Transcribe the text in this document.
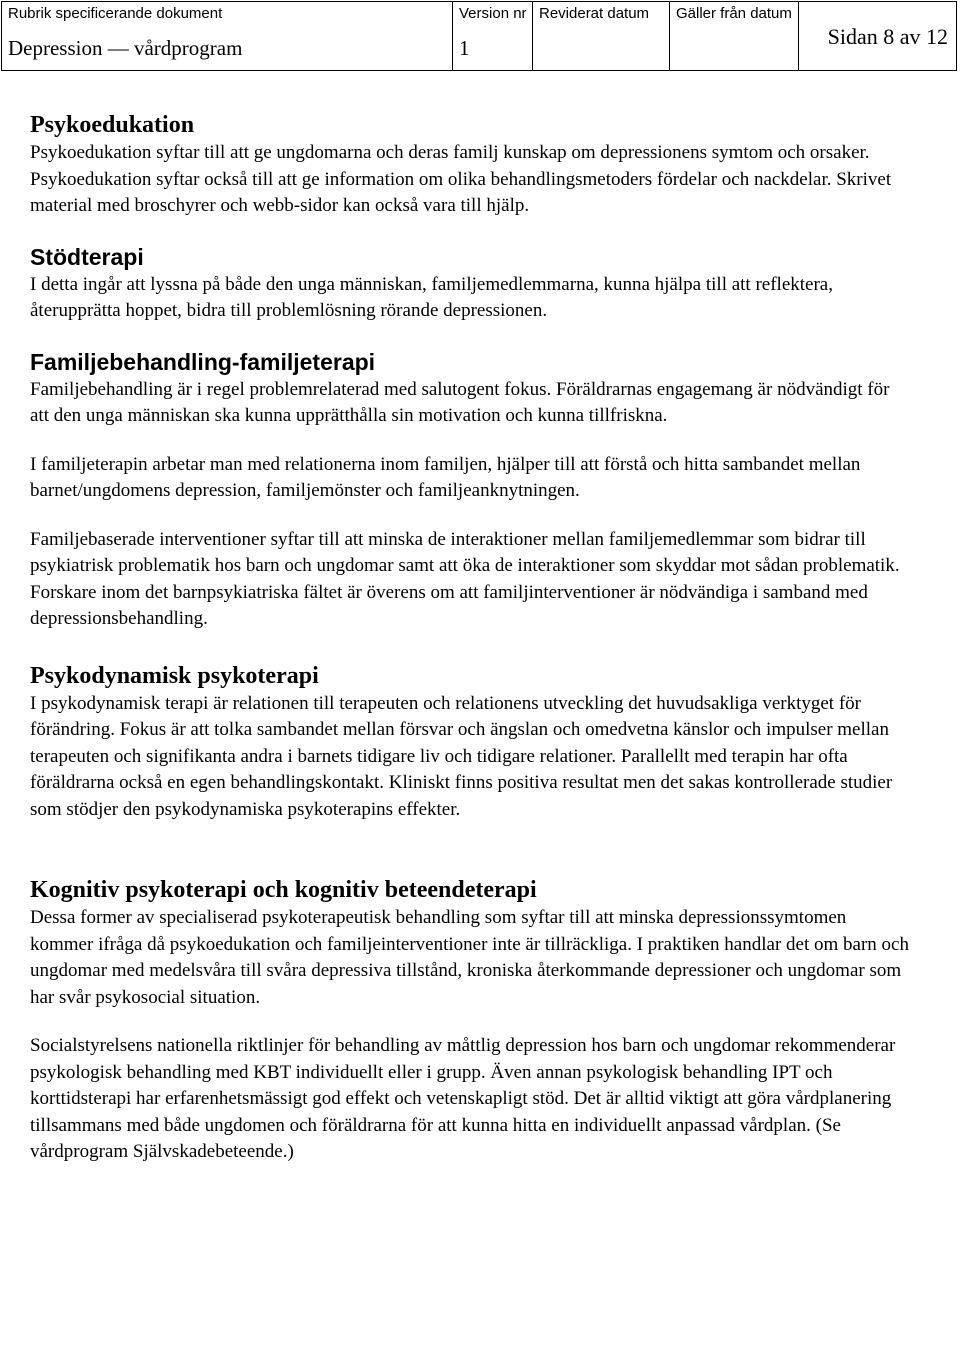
Rubrik specificerande dokument
Depression — vårdprogram
Version nr
1
Reviderat datum Gäller från datum
Sidan 8 av 12
Psykoedukation

Psykoedukation syftar till att ge ungdomarna och deras familj kunskap om depressionens symtom och orsaker. Psykoedukation syftar också till att ge information om olika behandlingsmetoders fördelar och nackdelar. Skrivet material med broschyrer och webb-sidor kan också vara till hjälp.

Stödterapi

I detta ingår att lyssna på både den unga människan, familjemedlemmarna, kunna hjälpa till att reflektera, återupprätta hoppet, bidra till problemlösning rörande depressionen.

Familjebehandling-familjeterapi

Familjebehandling är i regel problemrelaterad med salutogent fokus. Föräldrarnas engagemang är nödvändigt för att den unga människan ska kunna upprätthålla sin motivation och kunna tillfriskna.

I familjeterapin arbetar man med relationerna inom familjen, hjälper till att förstå och hitta sambandet mellan barnet/ungdomens depression, familjemönster och familjeanknytningen.

Familjebaserade interventioner syftar till att minska de interaktioner mellan familjemedlemmar som bidrar till psykiatrisk problematik hos barn och ungdomar samt att öka de interaktioner som skyddar mot sådan problematik. Forskare inom det barnpsykiatriska fältet är överens om att familjinterventioner är nödvändiga i samband med depressionsbehandling.

Psykodynamisk psykoterapi

I psykodynamisk terapi är relationen till terapeuten och relationens utveckling det huvudsakliga verktyget för förändring. Fokus är att tolka sambandet mellan försvar och ängslan och omedvetna känslor och impulser mellan terapeuten och signifikanta andra i barnets tidigare liv och tidigare relationer. Parallellt med terapin har ofta föräldrarna också en egen behandlingskontakt. Kliniskt finns positiva resultat men det sakas kontrollerade studier som stödjer den psykodynamiska psykoterapins effekter.

Kognitiv psykoterapi och kognitiv beteendeterapi

Dessa former av specialiserad psykoterapeutisk behandling som syftar till att minska depressionssymtomen kommer ifråga då psykoedukation och familjeinterventioner inte är tillräckliga. I praktiken handlar det om barn och ungdomar med medelsvåra till svåra depressiva tillstånd, kroniska återkommande depressioner och ungdomar som har svår psykosocial situation.

Socialstyrelsens nationella riktlinjer för behandling av måttlig depression hos barn och ungdomar rekommenderar psykologisk behandling med KBT individuellt eller i grupp. Även annan psykologisk behandling IPT och korttidsterapi har erfarenhetsmässigt god effekt och vetenskapligt stöd. Det är alltid viktigt att göra vårdplanering tillsammans med både ungdomen och föräldrarna för att kunna hitta en individuellt anpassad vårdplan. (Se vårdprogram Självskadebeteende.)
